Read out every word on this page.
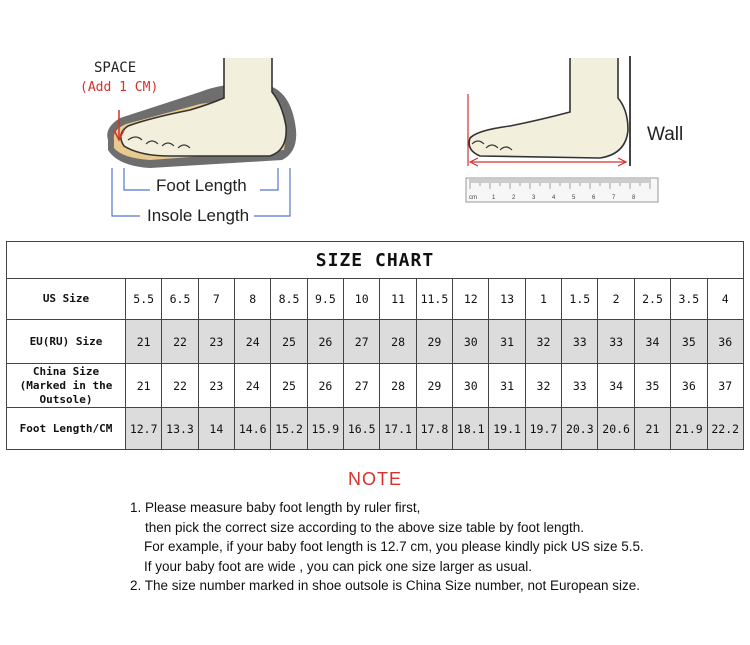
cm	1	2	3	4	5	6	7	8
SPACE
(Add 1 CM)
Foot Length
Insole Length
Wall
SIZE CHART																	
US Size	5.5	6.5	7	8	8.5	9.5	10	11	11.5	12	13	1	1.5	2	2.5	3.5	4
EU(RU) Size	21	22	23	24	25	26	27	28	29	30	31	32	33	33	34	35	36

China Size
(Marked in the
Outsole)	21	22	23	24	25	26	27	28	29	30	31	32	33	34	35	36	37
Foot Length/CM	12.7	13.3	14	14.6	15.2	15.9	16.5	17.1	17.8	18.1	19.1	19.7	20.3	20.6	21	21.9	22.2
NOTE
1. Please measure baby foot length by ruler first,
then pick the correct size according to the above size table by foot length.
For example, if your baby foot length is 12.7 cm, you please kindly pick US size 5.5.
If your baby foot are wide , you can pick one size larger as usual.
2. The size number marked in shoe outsole is China Size number, not European size.
